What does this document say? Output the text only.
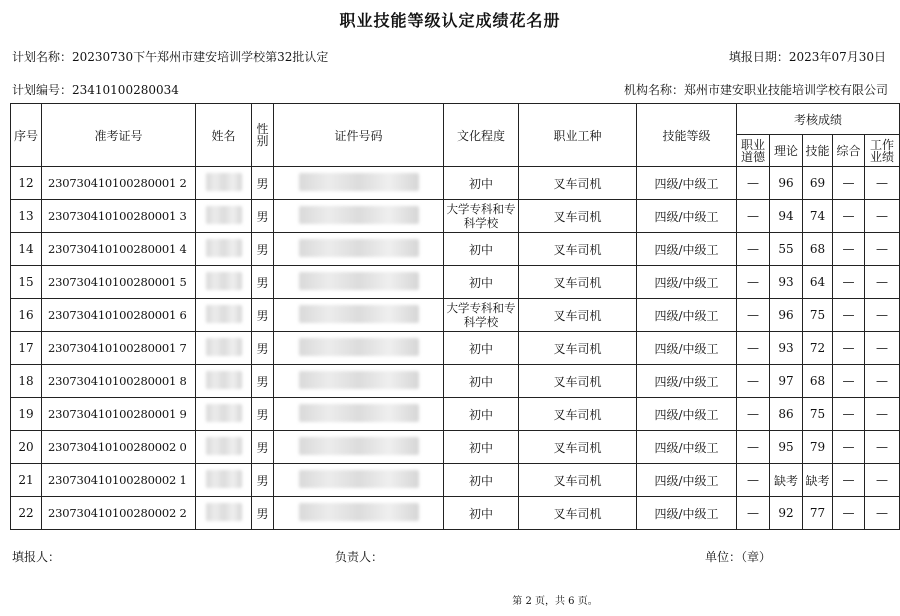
职业技能等级认定成绩花名册
计划名称：20230730下午郑州市建安培训学校第32批认定	填报日期：2023年07月30日
计划编号：23410100280034	机构名称：郑州市建安职业技能培训学校有限公司
序号	准考证号	姓名	性别	证件号码	文化程度	职业工种	技能等级	考核成绩				
								职业道德	理论	技能	综合	工作业绩
12	230730410100280001 2		男		初中	叉车司机	四级/中级工	—	96	69	—	—
13	230730410100280001 3		男		大学专科和专科学校	叉车司机	四级/中级工	—	94	74	—	—
14	230730410100280001 4		男		初中	叉车司机	四级/中级工	—	55	68	—	—
15	230730410100280001 5		男		初中	叉车司机	四级/中级工	—	93	64	—	—
16	230730410100280001 6		男		大学专科和专科学校	叉车司机	四级/中级工	—	96	75	—	—
17	230730410100280001 7		男		初中	叉车司机	四级/中级工	—	93	72	—	—
18	230730410100280001 8		男		初中	叉车司机	四级/中级工	—	97	68	—	—
19	230730410100280001 9		男		初中	叉车司机	四级/中级工	—	86	75	—	—
20	230730410100280002 0		男		初中	叉车司机	四级/中级工	—	95	79	—	—
21	230730410100280002 1		男		初中	叉车司机	四级/中级工	—	缺考	缺考	—	—
22	230730410100280002 2		男		初中	叉车司机	四级/中级工	—	92	77	—	—
填报人：	负责人：	单位：（章）
第 2 页，共 6 页。
